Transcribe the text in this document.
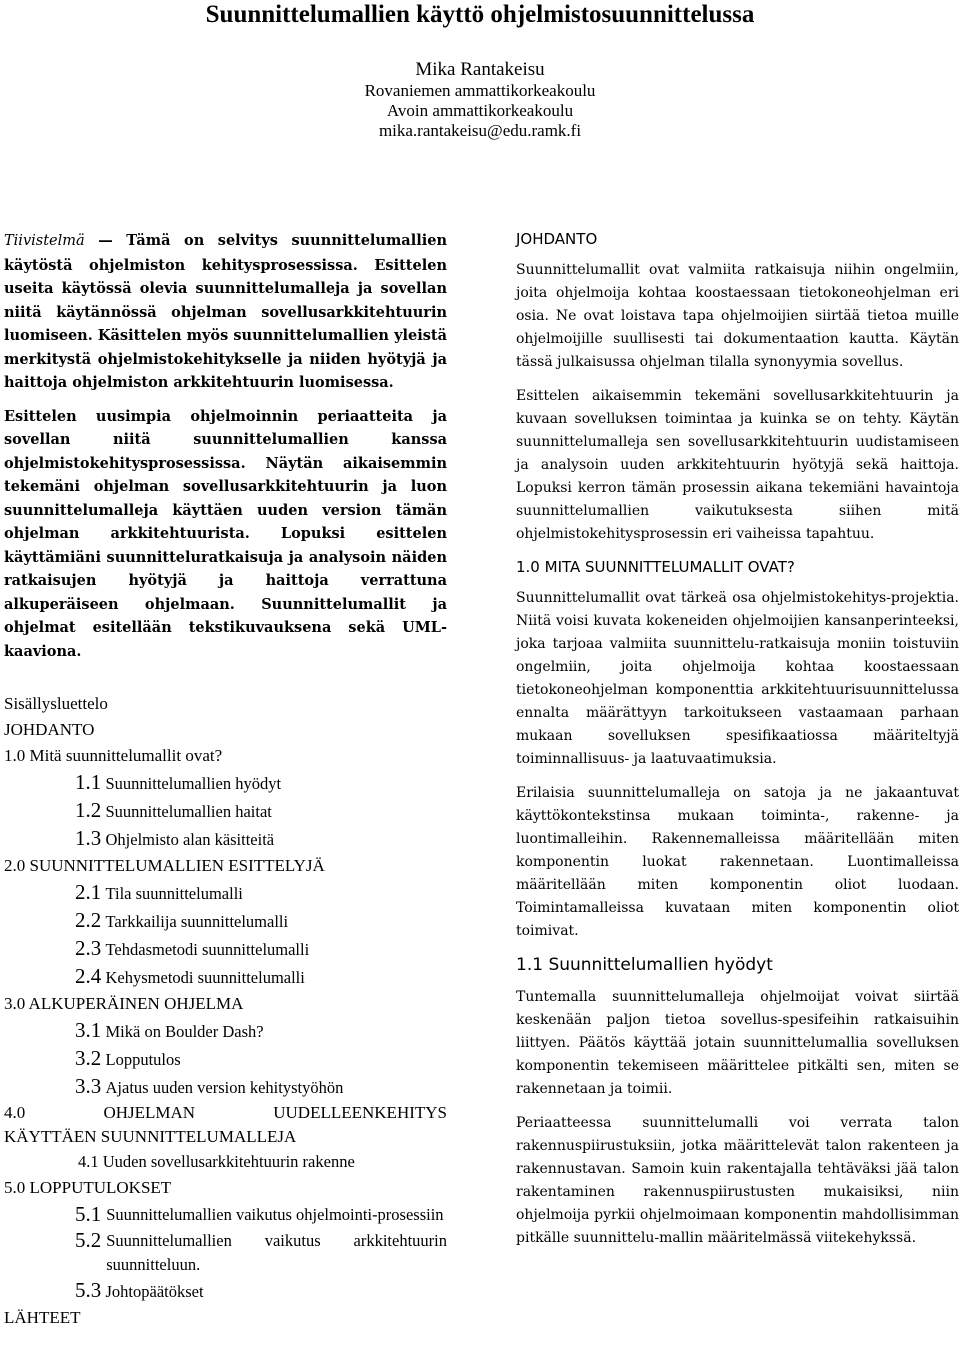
Suunnittelumallien käyttö ohjelmistosuunnittelussa
Mika Rantakeisu
Rovaniemen ammattikorkeakoulu
Avoin ammattikorkeakoulu
mika.rantakeisu@edu.ramk.fi

Tiivistelmä — Tämä on selvitys suunnittelumallien käytöstä ohjelmiston kehitysprosessissa. Esittelen useita käytössä olevia suunnittelumalleja ja sovellan niitä käytännössä ohjelman sovellusarkkitehtuurin luomiseen. Käsittelen myös suunnittelumallien yleistä merkitystä ohjelmistokehitykselle ja niiden hyötyjä ja haittoja ohjelmiston arkkitehtuurin luomisessa.

Esittelen uusimpia ohjelmoinnin periaatteita ja sovellan niitä suunnittelumallien kanssa ohjelmistokehitysprosessissa. Näytän aikaisemmin tekemäni ohjelman sovellusarkkitehtuurin ja luon suunnittelumalleja käyttäen uuden version tämän ohjelman arkkitehtuurista. Lopuksi esittelen käyttämiäni suunnitteluratkaisuja ja analysoin näiden ratkaisujen hyötyjä ja haittoja verrattuna alkuperäiseen ohjelmaan. Suunnittelumallit ja ohjelmat esitellään tekstikuvauksena sekä UML-kaaviona.

Sisällysluettelo
JOHDANTO
1.0 Mitä suunnittelumallit ovat?
1.1 Suunnittelumallien hyödyt
1.2 Suunnittelumallien haitat
1.3 Ohjelmisto alan käsitteitä
2.0 SUUNNITTELUMALLIEN ESITTELYJÄ
2.1 Tila suunnittelumalli
2.2 Tarkkailija suunnittelumalli
2.3 Tehdasmetodi suunnittelumalli
2.4 Kehysmetodi suunnittelumalli
3.0 ALKUPERÄINEN OHJELMA
3.1 Mikä on Boulder Dash?
3.2 Lopputulos
3.3 Ajatus uuden version kehitystyöhön
4.0 OHJELMAN UUDELLEENKEHITYS
KÄYTTÄEN SUUNNITTELUMALLEJA
4.1 Uuden sovellusarkkitehtuurin rakenne
5.0 LOPPUTULOKSET
5.1 Suunnittelumallien vaikutus ohjelmointi-prosessiin
5.2 Suunnittelumallien vaikutus arkkitehtuurin suunnitteluun.
5.3 Johtopäätökset
LÄHTEET
JOHDANTO

Suunnittelumallit ovat valmiita ratkaisuja niihin ongelmiin, joita ohjelmoija kohtaa koostaessaan tietokoneohjelman eri osia. Ne ovat loistava tapa ohjelmoijien siirtää tietoa muille ohjelmoijille suullisesti tai dokumentaation kautta. Käytän tässä julkaisussa ohjelman tilalla synonyymia sovellus.

Esittelen aikaisemmin tekemäni sovellusarkkitehtuurin ja kuvaan sovelluksen toimintaa ja kuinka se on tehty. Käytän suunnittelumalleja sen sovellusarkkitehtuurin uudistamiseen ja analysoin uuden arkkitehtuurin hyötyjä sekä haittoja. Lopuksi kerron tämän prosessin aikana tekemiäni havaintoja suunnittelumallien vaikutuksesta siihen mitä ohjelmistokehitysprosessin eri vaiheissa tapahtuu.

1.0 MITA SUUNNITTELUMALLIT OVAT?

Suunnittelumallit ovat tärkeä osa ohjelmistokehitys-projektia. Niitä voisi kuvata kokeneiden ohjelmoijien kansanperinteeksi, joka tarjoaa valmiita suunnittelu-ratkaisuja moniin toistuviin ongelmiin, joita ohjelmoija kohtaa koostaessaan tietokoneohjelman komponenttia arkkitehtuurisuunnittelussa ennalta määrättyyn tarkoitukseen vastaamaan parhaan mukaan sovelluksen spesifikaatiossa määriteltyjä toiminnallisuus- ja laatuvaatimuksia.

Erilaisia suunnittelumalleja on satoja ja ne jakaantuvat käyttökontekstinsa mukaan toiminta-, rakenne- ja luontimalleihin. Rakennemalleissa määritellään miten komponentin luokat rakennetaan. Luontimalleissa määritellään miten komponentin oliot luodaan. Toimintamalleissa kuvataan miten komponentin oliot toimivat.

1.1 Suunnittelumallien hyödyt

Tuntemalla suunnittelumalleja ohjelmoijat voivat siirtää keskenään paljon tietoa sovellus-spesifeihin ratkaisuihin liittyen. Päätös käyttää jotain suunnittelumallia sovelluksen komponentin tekemiseen määrittelee pitkälti sen, miten se rakennetaan ja toimii.

Periaatteessa suunnittelumalli voi verrata talon rakennuspiirustuksiin, jotka määrittelevät talon rakenteen ja rakennustavan. Samoin kuin rakentajalla tehtäväksi jää talon rakentaminen rakennuspiirustusten mukaisiksi, niin ohjelmoija pyrkii ohjelmoimaan komponentin mahdollisimman pitkälle suunnittelu-mallin määritelmässä viitekehykssä.
